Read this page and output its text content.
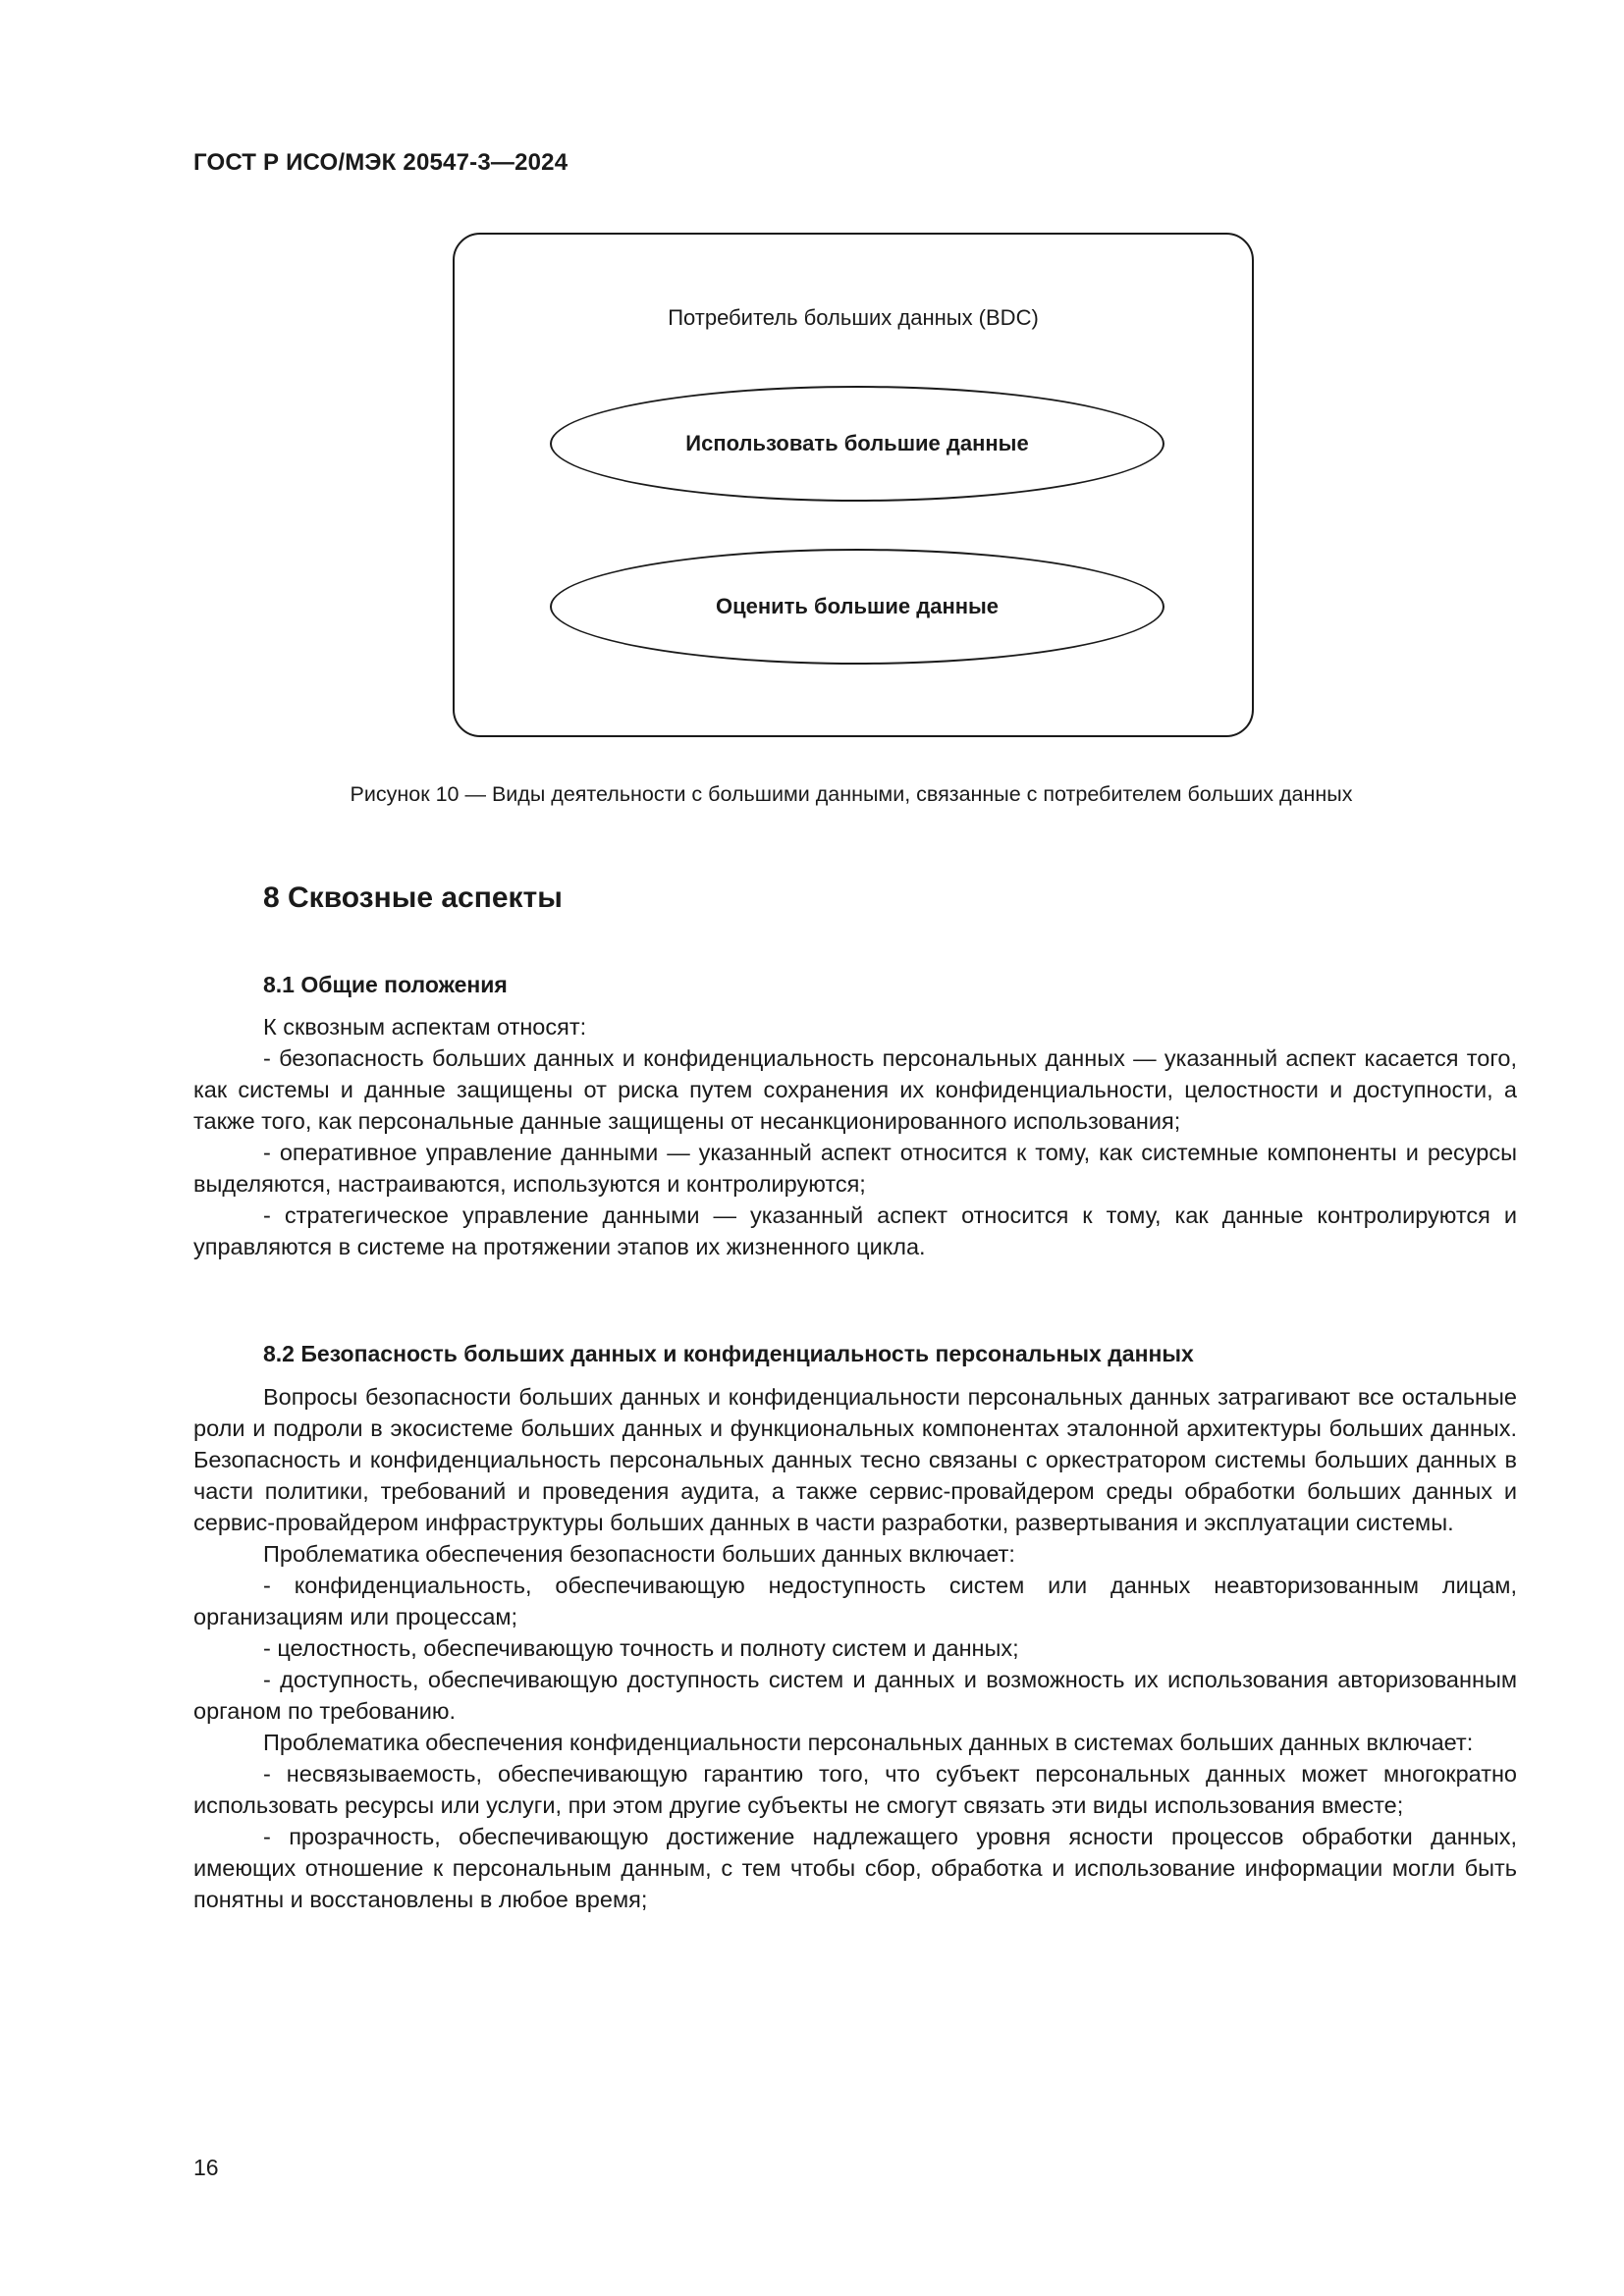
ГОСТ Р ИСО/МЭК 20547-3—2024
Потребитель больших данных (BDC)
Использовать большие данные
Оценить большие данные
Рисунок 10 — Виды деятельности с большими данными, связанные с потребителем больших данных
8 Сквозные аспекты
8.1 Общие положения

К сквозным аспектам относят:

- безопасность больших данных и конфиденциальность персональных данных — указанный аспект касается того, как системы и данные защищены от риска путем сохранения их конфиденциальности, целостности и доступности, а также того, как персональные данные защищены от несанкционированного использования;

- оперативное управление данными — указанный аспект относится к тому, как системные компоненты и ресурсы выделяются, настраиваются, используются и контролируются;

- стратегическое управление данными — указанный аспект относится к тому, как данные контролируются и управляются в системе на протяжении этапов их жизненного цикла.

8.2 Безопасность больших данных и конфиденциальность персональных данных

Вопросы безопасности больших данных и конфиденциальности персональных данных затрагивают все остальные роли и подроли в экосистеме больших данных и функциональных компонентах эталонной архитектуры больших данных. Безопасность и конфиденциальность персональных данных тесно связаны с оркестратором системы больших данных в части политики, требований и проведения аудита, а также сервис-провайдером среды обработки больших данных и сервис-провайдером инфраструктуры больших данных в части разработки, развертывания и эксплуатации системы.

Проблематика обеспечения безопасности больших данных включает:

- конфиденциальность, обеспечивающую недоступность систем или данных неавторизованным лицам, организациям или процессам;

- целостность, обеспечивающую точность и полноту систем и данных;

- доступность, обеспечивающую доступность систем и данных и возможность их использования авторизованным органом по требованию.

Проблематика обеспечения конфиденциальности персональных данных в системах больших данных включает:

- несвязываемость, обеспечивающую гарантию того, что субъект персональных данных может многократно использовать ресурсы или услуги, при этом другие субъекты не смогут связать эти виды использования вместе;

- прозрачность, обеспечивающую достижение надлежащего уровня ясности процессов обработки данных, имеющих отношение к персональным данным, с тем чтобы сбор, обработка и использование информации могли быть понятны и восстановлены в любое время;

16
